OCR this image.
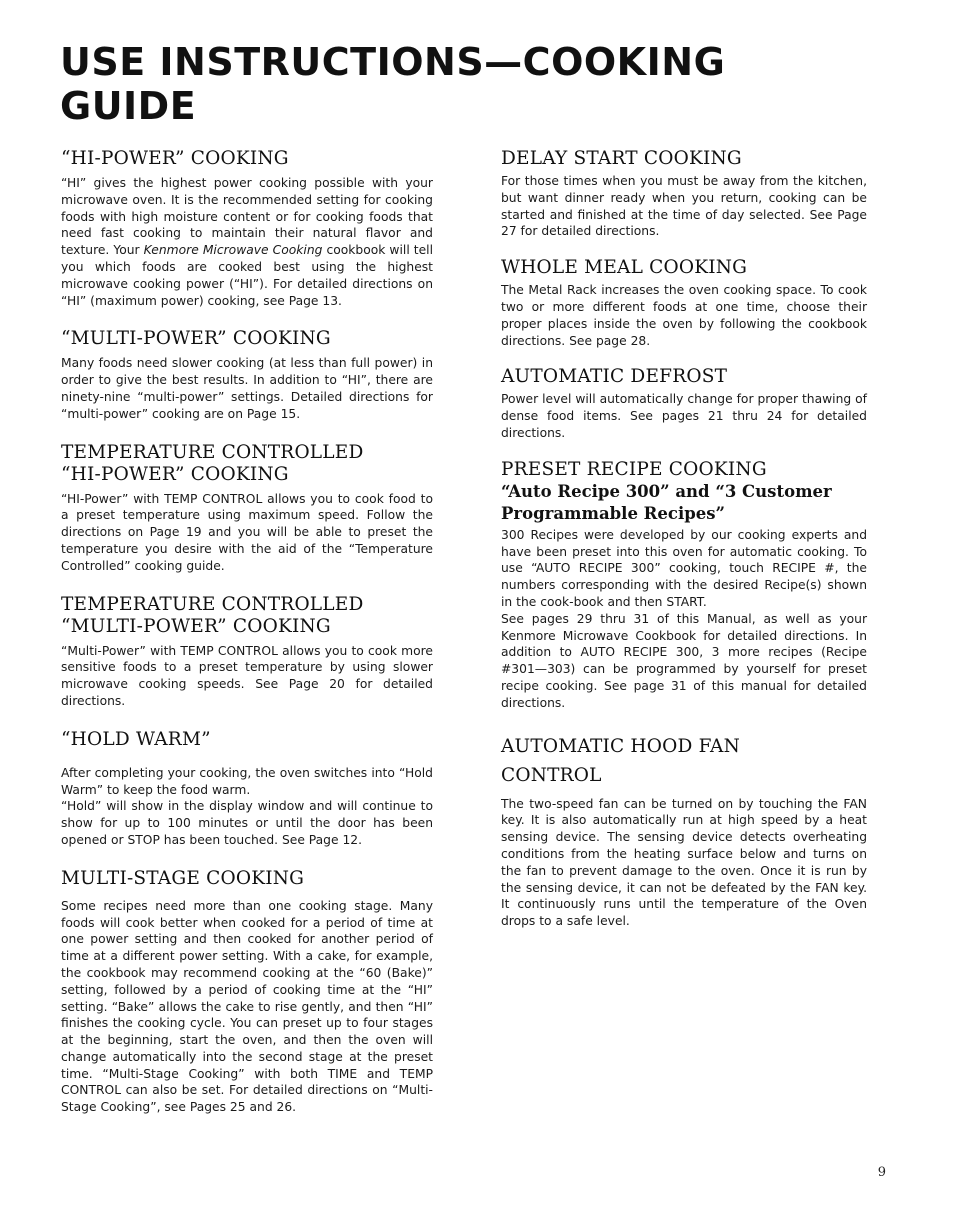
USE INSTRUCTIONS—COOKING
GUIDE
“HI-POWER” COOKING

“HI” gives the highest power cooking possible with your microwave oven. It is the recommended setting for cooking foods with high moisture content or for cooking foods that need fast cooking to maintain their natural flavor and texture. Your Kenmore Microwave Cooking cookbook will tell you which foods are cooked best using the highest microwave cooking power (“HI”). For detailed directions on “HI” (maximum power) cooking, see Page 13.

“MULTI-POWER” COOKING

Many foods need slower cooking (at less than full power) in order to give the best results. In addition to “HI”, there are ninety-nine “multi-power” settings. Detailed directions for “multi-power” cooking are on Page 15.

TEMPERATURE CONTROLLED
“HI-POWER” COOKING

“HI-Power” with TEMP CONTROL allows you to cook food to a preset temperature using maximum speed. Follow the directions on Page 19 and you will be able to preset the temperature you desire with the aid of the “Temperature Controlled” cooking guide.

TEMPERATURE CONTROLLED
“MULTI-POWER” COOKING

“Multi-Power” with TEMP CONTROL allows you to cook more sensitive foods to a preset temperature by using slower microwave cooking speeds. See Page 20 for detailed directions.

“HOLD WARM”

After completing your cooking, the oven switches into “Hold Warm” to keep the food warm.

“Hold” will show in the display window and will continue to show for up to 100 minutes or until the door has been opened or STOP has been touched. See Page 12.

MULTI-STAGE COOKING

Some recipes need more than one cooking stage. Many foods will cook better when cooked for a period of time at one power setting and then cooked for another period of time at a different power setting. With a cake, for example, the cookbook may recommend cooking at the “60 (Bake)” setting, followed by a period of cooking time at the “HI” setting. “Bake” allows the cake to rise gently, and then “HI” finishes the cooking cycle. You can preset up to four stages at the beginning, start the oven, and then the oven will change automatically into the second stage at the preset time. “Multi-Stage Cooking” with both TIME and TEMP CONTROL can also be set. For detailed directions on “Multi-Stage Cooking”, see Pages 25 and 26.

DELAY START COOKING

For those times when you must be away from the kitchen, but want dinner ready when you return, cooking can be started and finished at the time of day selected. See Page 27 for detailed directions.

WHOLE MEAL COOKING

The Metal Rack increases the oven cooking space. To cook two or more different foods at one time, choose their proper places inside the oven by following the cookbook directions. See page 28.

AUTOMATIC DEFROST

Power level will automatically change for proper thawing of dense food items. See pages 21 thru 24 for detailed directions.

PRESET RECIPE COOKING
“Auto Recipe 300” and “3 Customer Programmable Recipes”

300 Recipes were developed by our cooking experts and have been preset into this oven for automatic cooking. To use “AUTO RECIPE 300” cooking, touch RECIPE #, the numbers corresponding with the desired Recipe(s) shown in the cook-book and then START.

See pages 29 thru 31 of this Manual, as well as your Kenmore Microwave Cookbook for detailed directions. In addition to AUTO RECIPE 300, 3 more recipes (Recipe #301—303) can be programmed by yourself for preset recipe cooking. See page 31 of this manual for detailed directions.

AUTOMATIC HOOD FAN
CONTROL

The two-speed fan can be turned on by touching the FAN key. It is also automatically run at high speed by a heat sensing device. The sensing device detects overheating conditions from the heating surface below and turns on the fan to prevent damage to the oven. Once it is run by the sensing device, it can not be defeated by the FAN key. It continuously runs until the temperature of the Oven drops to a safe level.

9
